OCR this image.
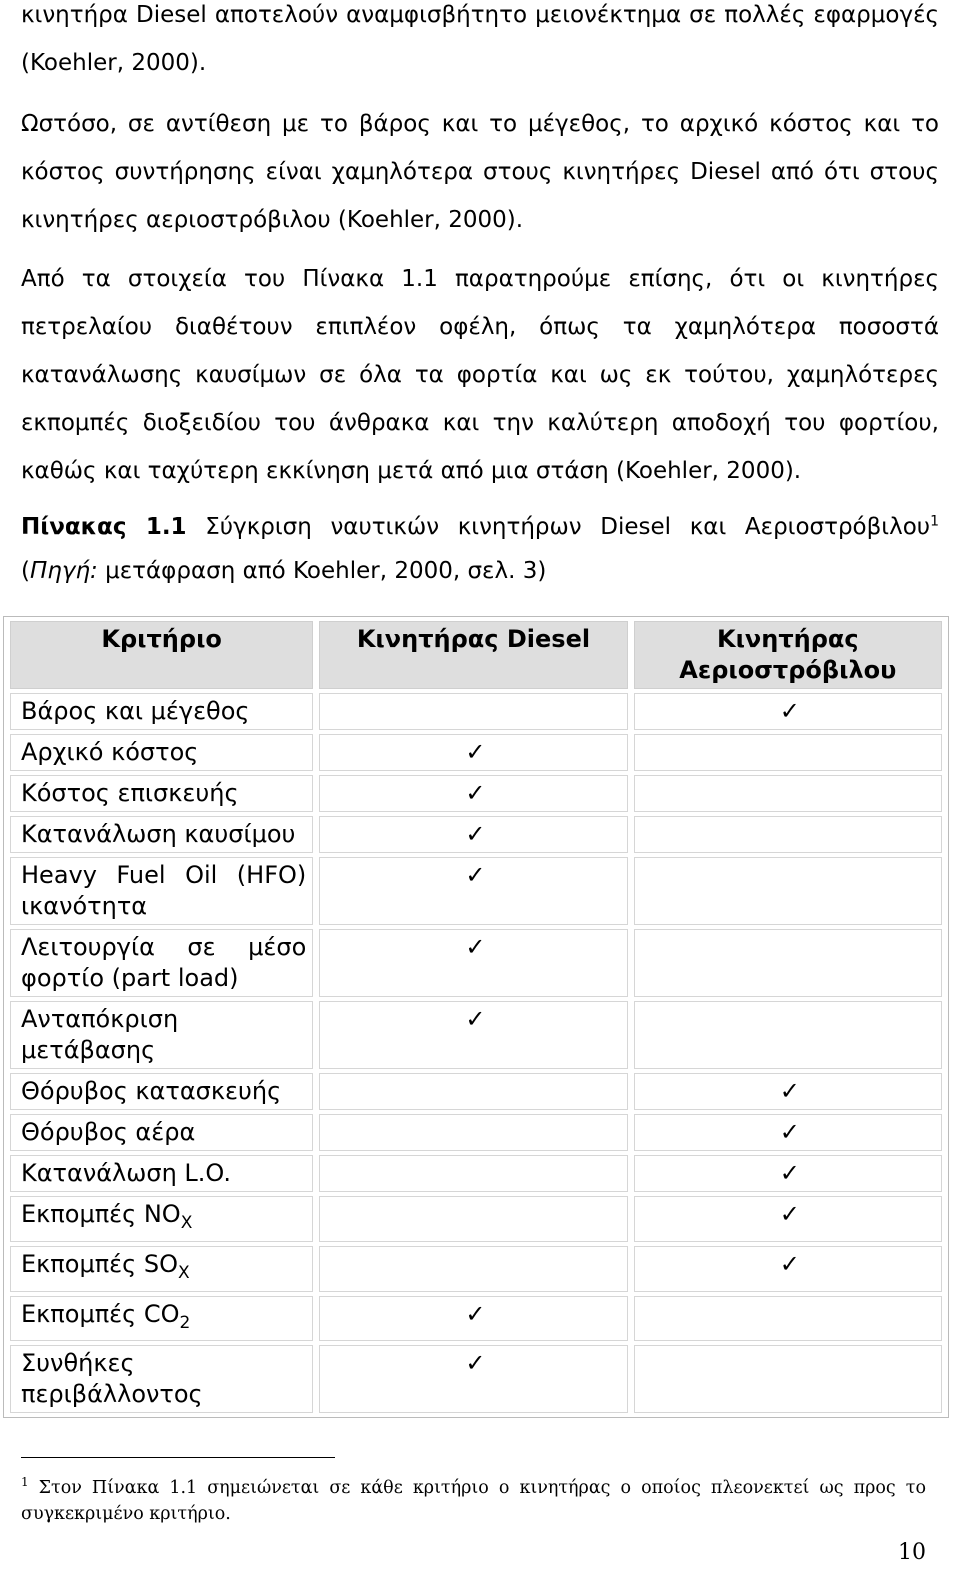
κινητήρα Diesel αποτελούν αναμφισβήτητο μειονέκτημα σε πολλές εφαρμογές (Koehler, 2000).

Ωστόσο, σε αντίθεση με το βάρος και το μέγεθος, το αρχικό κόστος και το κόστος συντήρησης είναι χαμηλότερα στους κινητήρες Diesel από ότι στους κινητήρες αεριοστρόβιλου (Koehler, 2000).

Από τα στοιχεία του Πίνακα 1.1 παρατηρούμε επίσης, ότι οι κινητήρες πετρελαίου διαθέτουν επιπλέον οφέλη, όπως τα χαμηλότερα ποσοστά κατανάλωσης καυσίμων σε όλα τα φορτία και ως εκ τούτου, χαμηλότερες εκπομπές διοξειδίου του άνθρακα και την καλύτερη αποδοχή του φορτίου, καθώς και ταχύτερη εκκίνηση μετά από μια στάση (Koehler, 2000).

Πίνακας 1.1 Σύγκριση ναυτικών κινητήρων Diesel και Αεριοστρόβιλου$^1$ (Πηγή: μετάφραση από Koehler, 2000, σελ. 3)

Κριτήριο	Κινητήρας Diesel	Κινητήρας Αεριοστρόβιλου
Βάρος και μέγεθος		✓
Αρχικό κόστος	✓	
Κόστος επισκευής	✓	
Κατανάλωση καυσίμου	✓	
Heavy Fuel Oil (HFO) ικανότητα	✓	
Λειτουργία σε μέσο φορτίο (part load)	✓	
Ανταπόκριση μετάβασης	✓	
Θόρυβος κατασκευής		✓
Θόρυβος αέρα		✓
Κατανάλωση L.O.		✓
Εκπομπές $NO_X$		✓
Εκπομπές $SO_X$		✓
Εκπομπές $CO_2$	✓	
Συνθήκες περιβάλλοντος	✓	

$^1$ Στον Πίνακα 1.1 σημειώνεται σε κάθε κριτήριο ο κινητήρας ο οποίος πλεονεκτεί ως προς το συγκεκριμένο κριτήριο.

10
